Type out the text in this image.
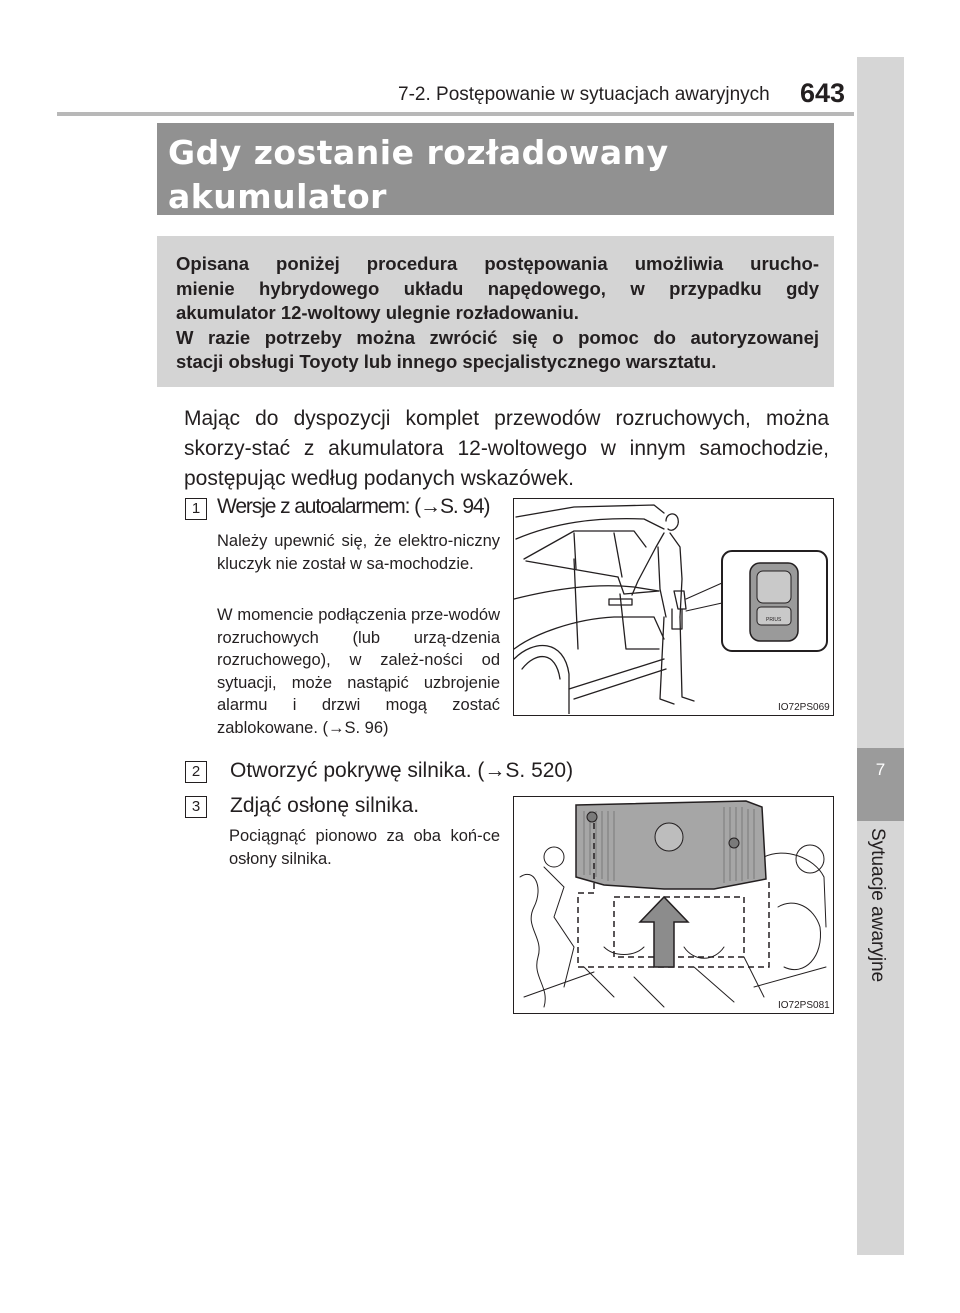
7-2. Postępowanie w sytuacjach awaryjnych 643
7
Sytuacje awaryjne
Gdy zostanie rozładowany akumulator
Opisana poniżej procedura postępowania umożliwia urucho-
mienie hybrydowego układu napędowego, w przypadku gdy
akumulator 12-woltowy ulegnie rozładowaniu.
W razie potrzeby można zwrócić się o pomoc do autoryzowanej
stacji obsługi Toyoty lub innego specjalistycznego warsztatu.

Mając do dyspozycji komplet przewodów rozruchowych, można skorzy-stać z akumulatora 12-woltowego w innym samochodzie, postępując według podanych wskazówek.

1 Wersje z autoalarmem: (→S. 94)

Należy upewnić się, że elektro-niczny kluczyk nie został w sa-mochodzie.

W momencie podłączenia prze-wodów rozruchowych (lub urzą-dzenia rozruchowego), w zależ-ności od sytuacji, może nastąpić uzbrojenie alarmu i drzwi mogą zostać zablokowane. (→S. 96)

PRIUS
IO72PS069
2	Otworzyć pokrywę silnika. (→S. 520)
3	Zdjąć osłonę silnika.

Pociągnąć pionowo za oba koń-ce osłony silnika.

IO72PS081
